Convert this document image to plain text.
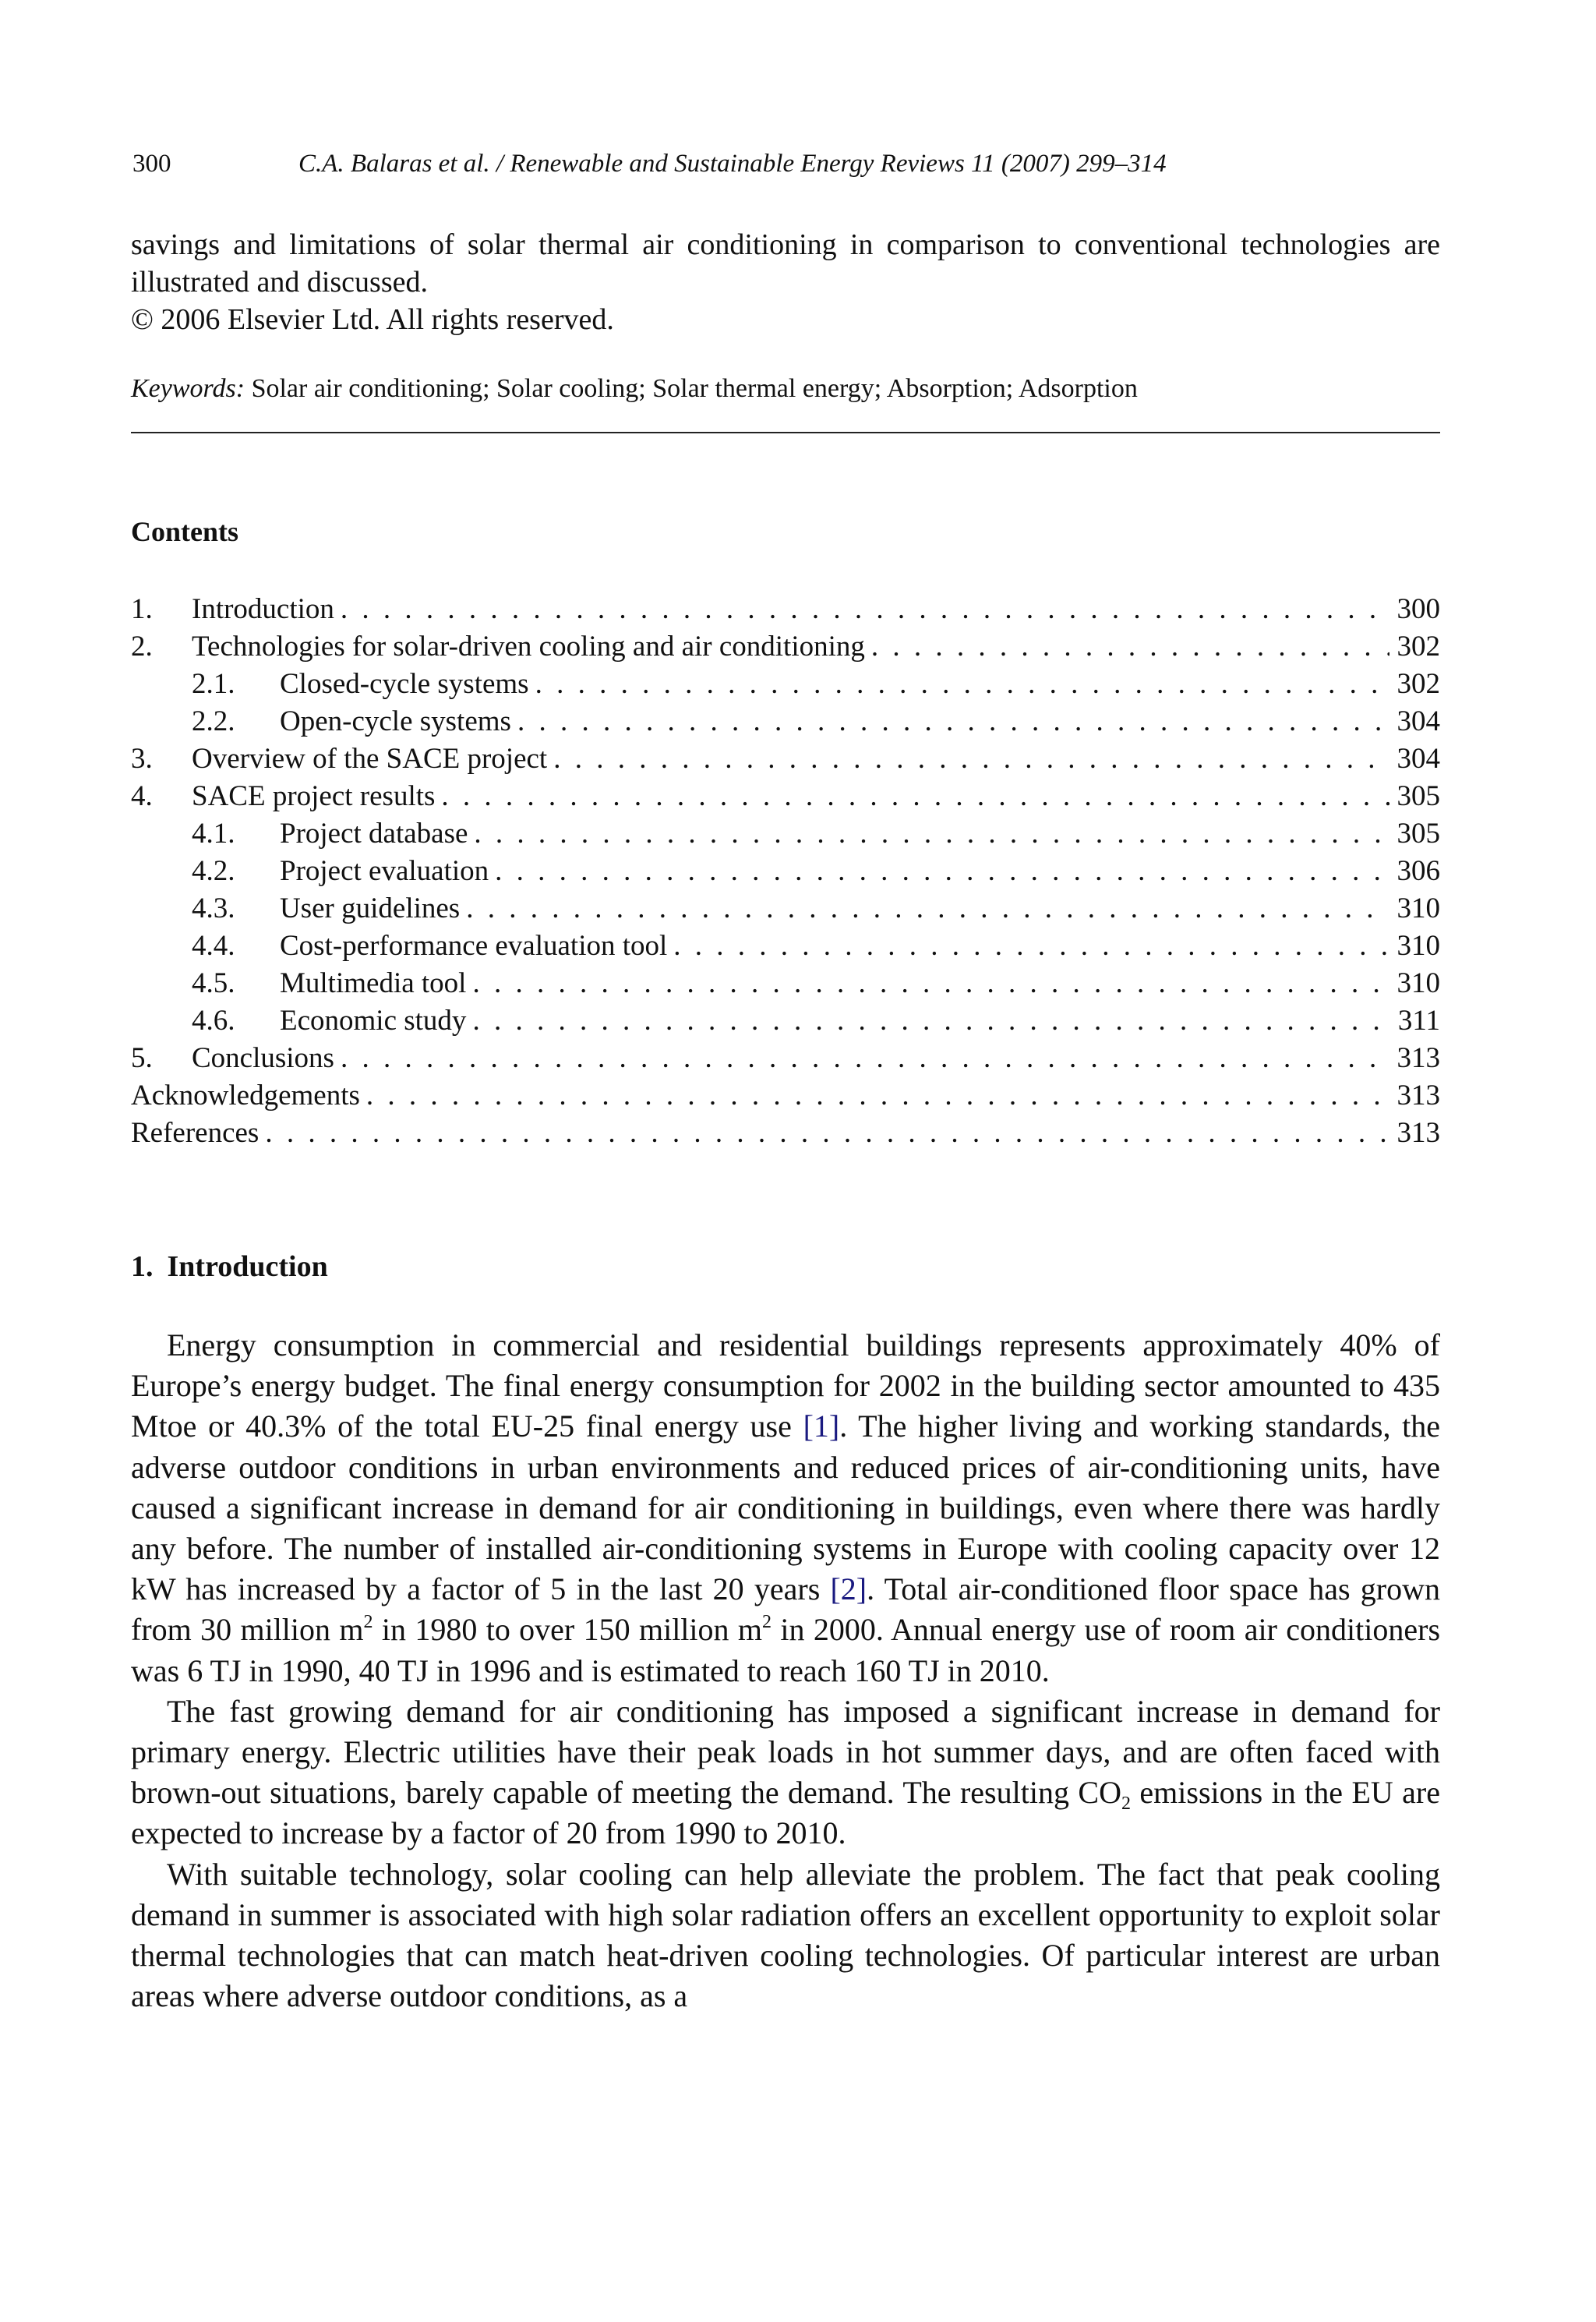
300	C.A. Balaras et al. / Renewable and Sustainable Energy Reviews 11 (2007) 299–314

savings and limitations of solar thermal air conditioning in comparison to conventional technologies are illustrated and discussed.

© 2006 Elsevier Ltd. All rights reserved.

Keywords: Solar air conditioning; Solar cooling; Solar thermal energy; Absorption; Adsorption
Contents
1.	Introduction . . .	300
2.	Technologies for solar-driven cooling and air conditioning . . .	302
2.1.	Closed-cycle systems . . .	302
2.2.	Open-cycle systems . . .	304
3.	Overview of the SACE project . . .	304
4.	SACE project results . . .	305
4.1.	Project database . . .	305
4.2.	Project evaluation . . .	306
4.3.	User guidelines . . .	310
4.4.	Cost-performance evaluation tool . . .	310
4.5.	Multimedia tool . . .	310
4.6.	Economic study . . .	311
5.	Conclusions . . .	313
Acknowledgements . . .	313
References . . .	313
1. Introduction

Energy consumption in commercial and residential buildings represents approximately 40% of Europe’s energy budget. The final energy consumption for 2002 in the building sector amounted to 435 Mtoe or 40.3% of the total EU-25 final energy use [1]. The higher living and working standards, the adverse outdoor conditions in urban environments and reduced prices of air-conditioning units, have caused a significant increase in demand for air conditioning in buildings, even where there was hardly any before. The number of installed air-conditioning systems in Europe with cooling capacity over 12 kW has increased by a factor of 5 in the last 20 years [2]. Total air-conditioned floor space has grown from 30 million $m^2$ in 1980 to over 150 million $m^2$ in 2000. Annual energy use of room air conditioners was 6 TJ in 1990, 40 TJ in 1996 and is estimated to reach 160 TJ in 2010.

The fast growing demand for air conditioning has imposed a significant increase in demand for primary energy. Electric utilities have their peak loads in hot summer days, and are often faced with brown-out situations, barely capable of meeting the demand. The resulting $CO_2$ emissions in the EU are expected to increase by a factor of 20 from 1990 to 2010.

With suitable technology, solar cooling can help alleviate the problem. The fact that peak cooling demand in summer is associated with high solar radiation offers an excellent opportunity to exploit solar thermal technologies that can match heat-driven cooling technologies. Of particular interest are urban areas where adverse outdoor conditions, as a
